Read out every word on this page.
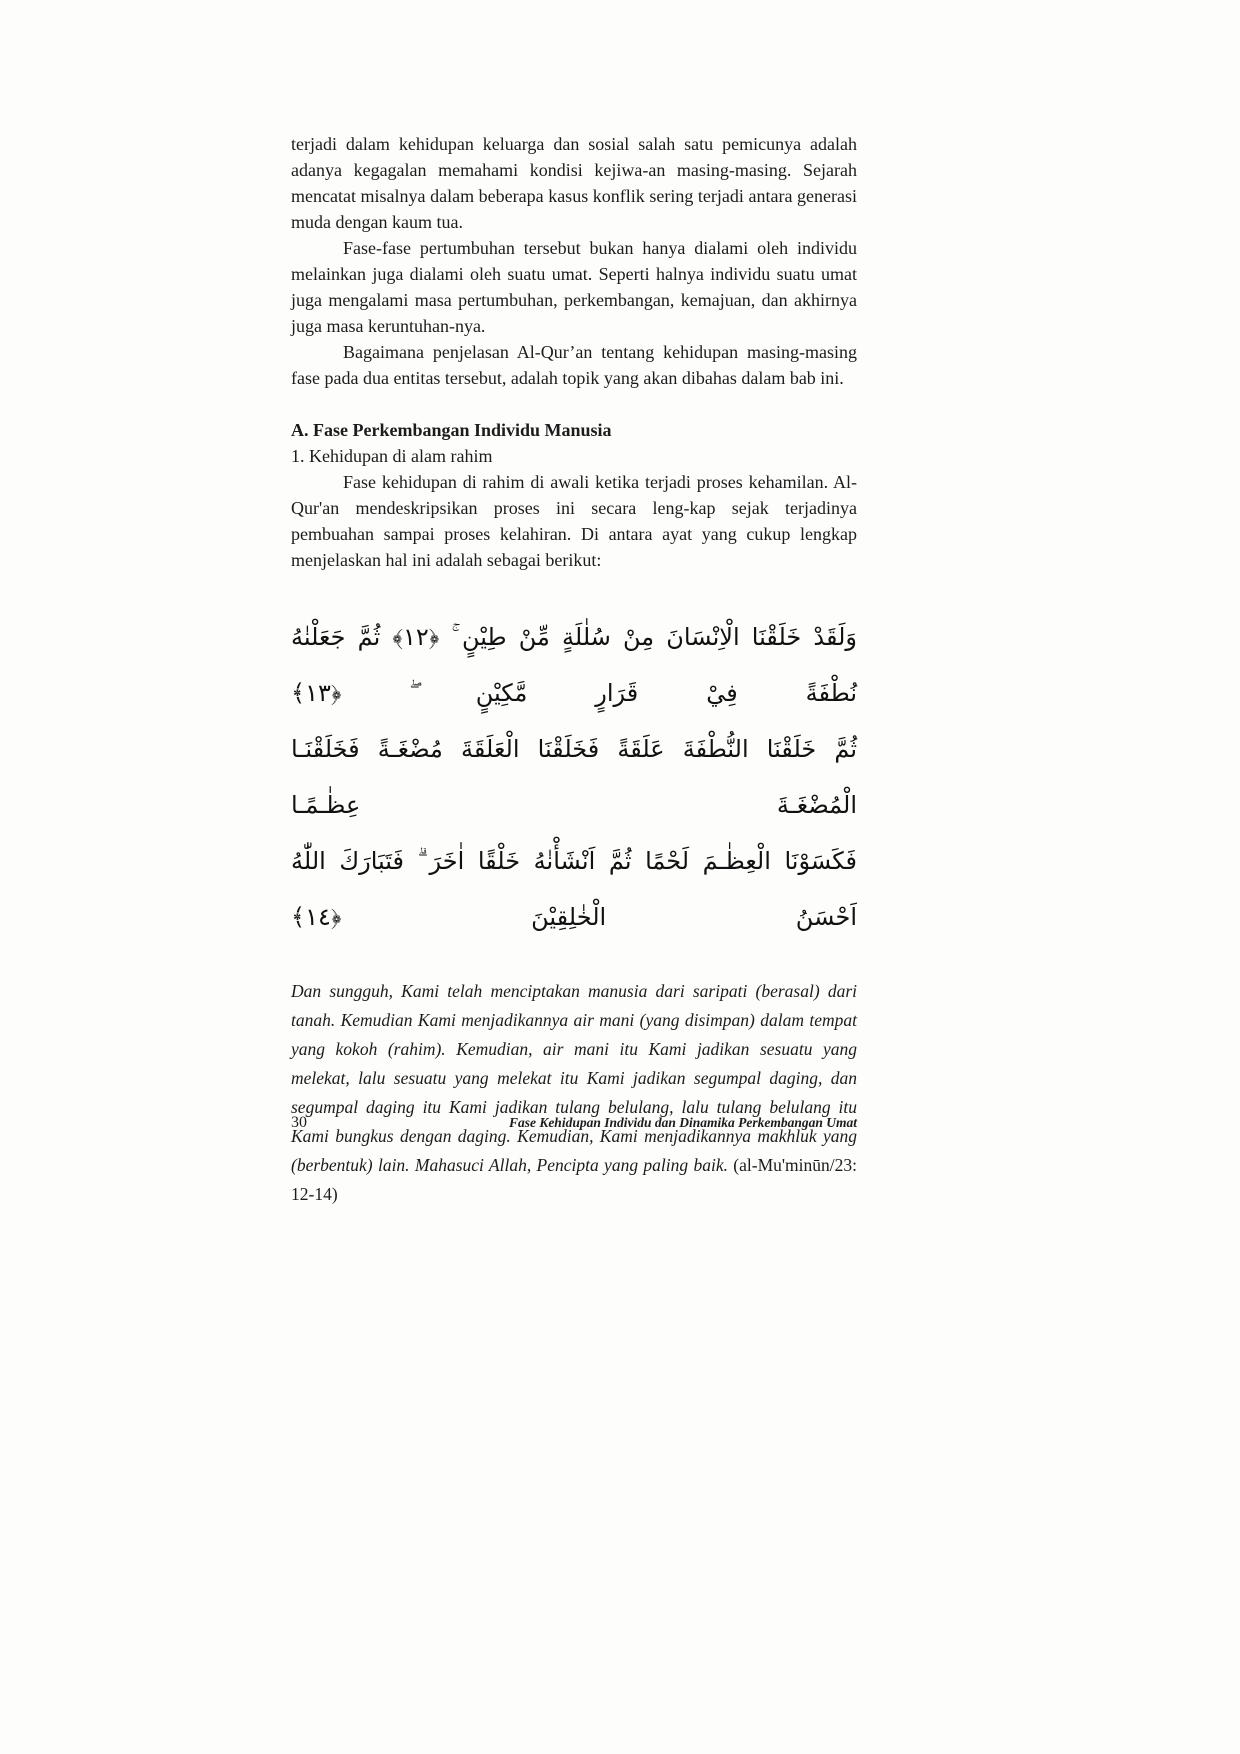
terjadi dalam kehidupan keluarga dan sosial salah satu pemicunya adalah adanya kegagalan memahami kondisi kejiwa-an masing-masing. Sejarah mencatat misalnya dalam beberapa kasus konflik sering terjadi antara generasi muda dengan kaum tua.

Fase-fase pertumbuhan tersebut bukan hanya dialami oleh individu melainkan juga dialami oleh suatu umat. Seperti halnya individu suatu umat juga mengalami masa pertumbuhan, perkembangan, kemajuan, dan akhirnya juga masa keruntuhan-nya.

Bagaimana penjelasan Al-Qur’an tentang kehidupan masing-masing fase pada dua entitas tersebut, adalah topik yang akan dibahas dalam bab ini.

A. Fase Perkembangan Individu Manusia

1. Kehidupan di alam rahim

Fase kehidupan di rahim di awali ketika terjadi proses kehamilan. Al-Qur'an mendeskripsikan proses ini secara leng-kap sejak terjadinya pembuahan sampai proses kelahiran. Di antara ayat yang cukup lengkap menjelaskan hal ini adalah sebagai berikut:

وَلَقَدْ خَلَقْنَا الْاِنْسَانَ مِنْ سُلٰلَةٍ مِّنْ طِيْنٍ ۚ ﴿١٢﴾ ثُمَّ جَعَلْنٰهُ نُطْفَةً فِيْ قَرَارٍ مَّكِيْنٍ ۖ ﴿١٣﴾
ثُمَّ خَلَقْنَا النُّطْفَةَ عَلَقَةً فَخَلَقْنَا الْعَلَقَةَ مُضْغَـةً فَخَلَقْنَـا الْمُضْغَـةَ عِظٰـمًـا
فَكَسَوْنَا الْعِظٰـمَ لَحْمًا ثُمَّ اَنْشَأْنٰهُ خَلْقًا اٰخَرَ ۗ فَتَبَارَكَ اللّٰهُ اَحْسَنُ الْخٰلِقِيْنَ ﴿١٤﴾

Dan sungguh, Kami telah menciptakan manusia dari saripati (berasal) dari tanah. Kemudian Kami menjadikannya air mani (yang disimpan) dalam tempat yang kokoh (rahim). Kemudian, air mani itu Kami jadikan sesuatu yang melekat, lalu sesuatu yang melekat itu Kami jadikan segumpal daging, dan segumpal daging itu Kami jadikan tulang belulang, lalu tulang belulang itu Kami bungkus dengan daging. Kemudian, Kami menjadikannya makhluk yang (berbentuk) lain. Mahasuci Allah, Pencipta yang paling baik. (al-Mu'minūn/23: 12-14)

30	Fase Kehidupan Individu dan Dinamika Perkembangan Umat
